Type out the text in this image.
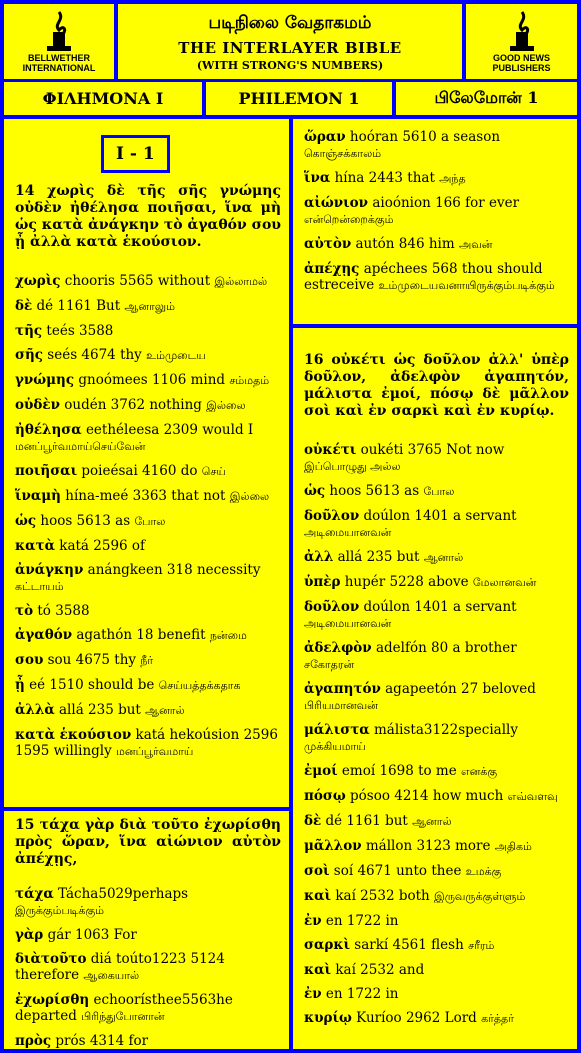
BELLWETHER INTERNATIONAL
படிநிலை வேதாகமம்
THE INTERLAYER BIBLE
(WITH STRONG'S NUMBERS)
GOOD NEWS PUBLISHERS
ΦΙΛΗΜΟΝΑ I	PHILEMON 1	பிலேமோன் 1
I - 1
14 χωρὶς δὲ τῆς σῆς γνώμης οὐδὲν ἠθέλησα ποιῆσαι, ἵνα μὴ ὡς κατὰ ἀνάγκην τὸ ἀγαθόν σου ᾖ ἀλλὰ κατὰ ἑκούσιον.
χωρὶς chooris 5565 without இல்லாமல்
δὲ dé 1161 But ஆனாலும்
τῆς teés 3588
σῆς seés 4674 thy உம்முடைய
γνώμης gnoómees 1106 mind சம்மதம்
οὐδὲν oudén 3762 nothing இல்லை
ἠθέλησα eethéleesa 2309 would I மனப்பூர்வமாய்செய்வேன்
ποιῆσαι poieésai 4160 do செய்
ἵναμὴ hína-meé 3363 that not இல்லை
ὡς hoos 5613 as போல
κατὰ katá 2596 of
ἀνάγκην anángkeen 318 necessity கட்டாயம்
τὸ tó 3588
ἀγαθόν agathón 18 benefit நன்மை
σου sou 4675 thy நீர்
ᾖ eé 1510 should be செய்யத்தக்கதாக
ἀλλὰ allá 235 but ஆனால்
κατὰ ἑκούσιον katá hekoúsion 2596 1595 willingly மனப்பூர்வமாய்
15 τάχα γὰρ διὰ τοῦτο ἐχωρίσθη πρὸς ὥραν, ἵνα αἰώνιον αὐτὸν ἀπέχῃς,
τάχα Tácha5029perhaps இருக்கும்படிக்கும்
γὰρ gár 1063 For
διὰτοῦτο diá toúto1223 5124 therefore ஆகையால்
ἐχωρίσθη echoorístheе5563he departed பிரிந்துபோனான்
πρὸς prós 4314 for
ὥραν hoóran 5610 a season கொஞ்சக்காலம்
ἵνα hína 2443 that அந்த
αἰώνιον aioónion 166 for ever என்றென்றைக்கும்
αὐτὸν autón 846 him அவன்
ἀπέχῃς apéchees 568 thou should estreceive உம்முடையவனாயிருக்கும்படிக்கும்
16 οὐκέτι ὡς δοῦλον ἀλλ' ὑπὲρ δοῦλον, ἀδελφὸν ἀγαπητόν, μάλιστα ἐμοί, πόσῳ δὲ μᾶλλον σοὶ καὶ ἐν σαρκὶ καὶ ἐν κυρίῳ.
οὐκέτι oukéti 3765 Not now இப்பொழுது அல்ல
ὡς hoos 5613 as போல
δοῦλον doúlon 1401 a servant அடிமையானவன்
ἀλλ allá 235 but ஆனால்
ὑπὲρ hupér 5228 above மேலானவன்
δοῦλον doúlon 1401 a servant அடிமையானவன்
ἀδελφὸν adelfón 80 a brother சகோதரன்
ἀγαπητόν agapeetón 27 beloved பிரியமானவன்
μάλιστα málista3122specially முக்கியமாய்
ἐμοί emoí 1698 to me எனக்கு
πόσῳ pósoo 4214 how much எவ்வளவு
δὲ dé 1161 but ஆனால்
μᾶλλον mállon 3123 more அதிகம்
σοὶ soí 4671 unto thee உமக்கு
καὶ kaí 2532 both இருவருக்குள்ளும்
ἐν en 1722 in
σαρκὶ sarkí 4561 flesh சரீரம்
καὶ kaí 2532 and
ἐν en 1722 in
κυρίῳ Kuríoo 2962 Lord கர்த்தர்
